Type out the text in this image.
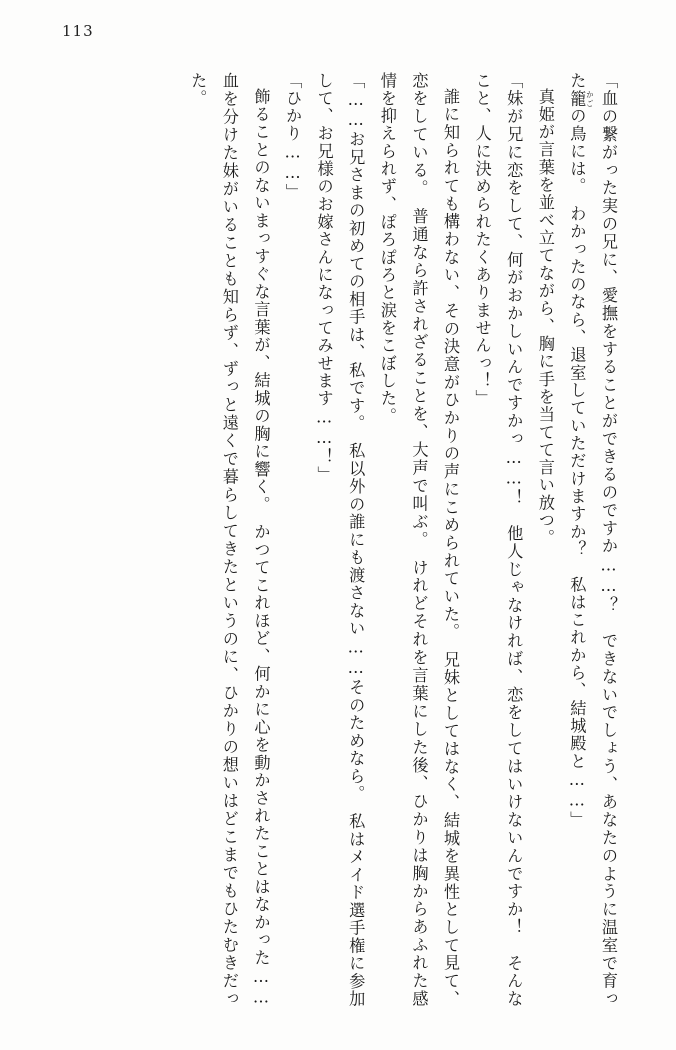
113

「血の繋がった実の兄に、愛撫をすることができるのですか……？　できないでしょう、あなたのように温室で育った籠 かごの鳥には。　わかったのなら、退室していただけますか？　私はこれから、結城殿と……」

真姫が言葉を並べ立てながら、胸に手を当てて言い放つ。

「妹が兄に恋をして、何がおかしいんですかっ……！　他人じゃなければ、恋をしてはいけないんですか！　そんなこと、人に決められたくありませんっ！」

誰に知られても構わない、その決意がひかりの声にこめられていた。　兄妹としてはなく、結城を異性として見て、恋をしている。　普通なら許されざることを、大声で叫ぶ。　けれどそれを言葉にした後、ひかりは胸からあふれた感情を抑えられず、ぽろぽろと涙をこぼした。

「……お兄さまの初めての相手は、私です。　私以外の誰にも渡さない……そのためなら。　私はメイド選手権に参加して、お兄様のお嫁さんになってみせます……！」

「ひかり……」

飾ることのないまっすぐな言葉が、結城の胸に響く。　かつてこれほど、何かに心を動かされたことはなかった……血を分けた妹がいることも知らず、ずっと遠くで暮らしてきたというのに、ひかりの想いはどこまでもひたむきだった。
